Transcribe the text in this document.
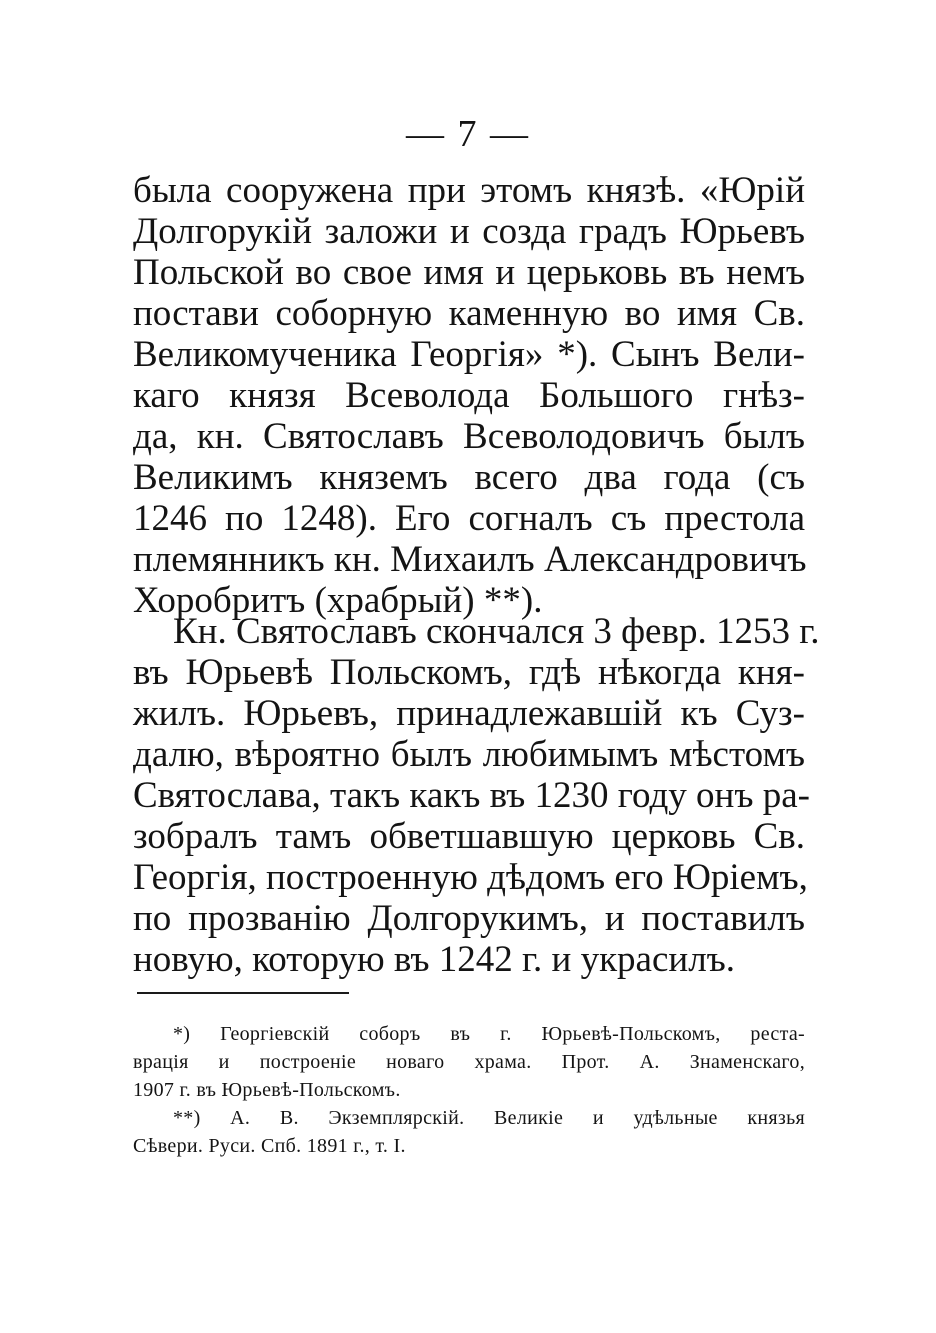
— 7 —
была сооружена при этомъ князѣ. «Юрій
Долгорукій заложи и созда градъ Юрьевъ
Польской во свое имя и церьковь въ немъ
постави соборную каменную во имя Св.
Великомученика Георгія» *). Сынъ Вели-
каго князя Всеволода Большого гнѣз-
да, кн. Святославъ Всеволодовичъ былъ
Великимъ княземъ всего два года (съ
1246 по 1248). Его согналъ съ престола
племянникъ кн. Михаилъ Александровичъ
Хоробритъ (храбрый) **).
Кн. Святославъ скончался 3 февр. 1253 г.
въ Юрьевѣ Польскомъ, гдѣ нѣкогда кня-
жилъ. Юрьевъ, принадлежавшій къ Суз-
далю, вѣроятно былъ любимымъ мѣстомъ
Святослава, такъ какъ въ 1230 году онъ ра-
зобралъ тамъ обветшавшую церковь Св.
Георгія, построенную дѣдомъ его Юріемъ,
по прозванію Долгорукимъ, и поставилъ
новую, которую въ 1242 г. и украсилъ.
*) Георгіевскій соборъ въ г. Юрьевѣ-Польскомъ, реста-
врація и построеніе новаго храма. Прот. А. Знаменскаго,
1907 г. въ Юрьевѣ-Польскомъ.
**) А. В. Экземплярскій. Великіе и удѣльные князья
Сѣвери. Руси. Спб. 1891 г., т. I.
